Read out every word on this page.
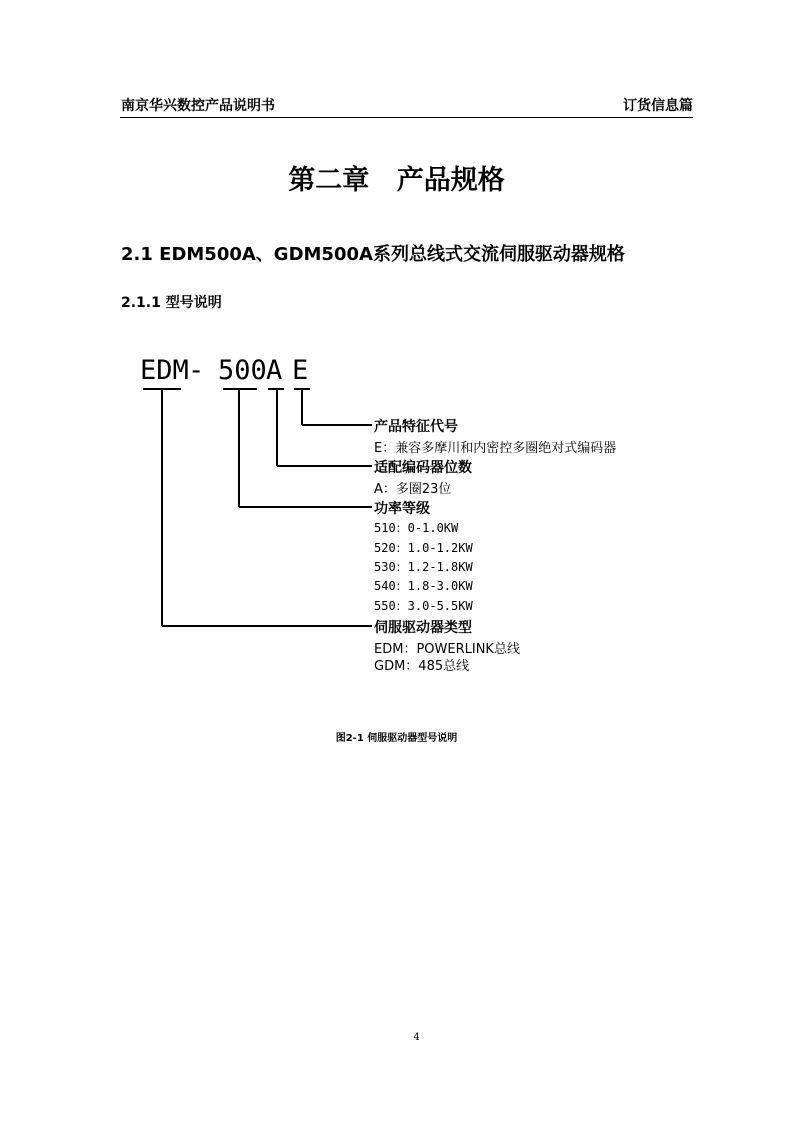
南京华兴数控产品说明书	订货信息篇
第二章 产品规格
2.1 EDM500A、GDM500A系列总线式交流伺服驱动器规格
2.1.1 型号说明
EDM - 500 A E
产品特征代号
E：兼容多摩川和内密控多圈绝对式编码器
适配编码器位数
A：多圈23位
功率等级
510：0-1.0KW
520：1.0-1.2KW
530：1.2-1.8KW
540：1.8-3.0KW
550：3.0-5.5KW
伺服驱动器类型
EDM：POWERLINK总线
GDM：485总线
图2-1 伺服驱动器型号说明
4
